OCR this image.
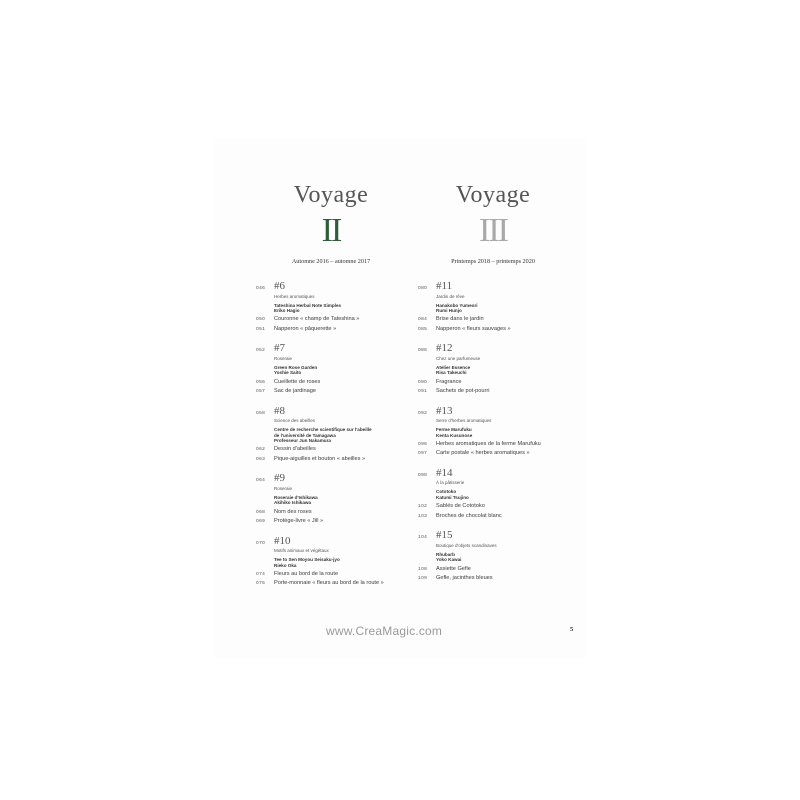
Voyage
II
Automne 2016 – automne 2017
046 #6
Herbes aromatiques
Tateshina Herbal Note Simples
Eriko Hagio
050	Couronne « champ de Tateshina »
051	Napperon « pâquerette »
052 #7
Roseraie
Green Rose Garden
Yoshie Saito
056	Cueillette de roses
057	Sac de jardinage
058 #8
Science des abeilles
Centre de recherche scientifique sur l'abeille
de l'université de Tamagawa
Professeur Jun Nakamura
062	Dessin d'abeilles
063	Pique-aiguilles et bouton « abeilles »
064 #9
Roseraie
Roseraie d'Ishikawa
Akihiko Ishikawa
068	Nom des roses
069	Protège-livre « Jill »
070 #10
Motifs animaux et végétaux
Tee to Sen Moyou Seisaku-jyo
Rieko Oka
074	Fleurs au bord de la route
075	Porte-monnaie « fleurs au bord de la route »
Voyage
III
Printemps 2018 – printemps 2020
080 #11
Jardin de rêve
Hanakobo Yumeori
Rumi Hunjo
084	Brise dans le jardin
085	Napperon « fleurs sauvages »
086 #12
Chez une parfumeuse
Atelier Essence
Risa Takeuchi
090	Fragrance
091	Sachets de pot-pourri
092 #13
Serre d'herbes aromatiques
Ferme Marufuku
Kenta Kusunose
096	Herbes aromatiques de la ferme Marufuku
097	Carte postale « herbes aromatiques »
098 #14
À la pâtisserie
Cototoko
Katumi Tsujino
102	Sablés de Cototoko
103	Broches de chocolat blanc
104 #15
Boutique d'objets scandinaves
Rhubarb
Yoko Kawai
108	Assiette Gefle
109	Gefle, jacinthes bleues
www.CreaMagic.com	5
